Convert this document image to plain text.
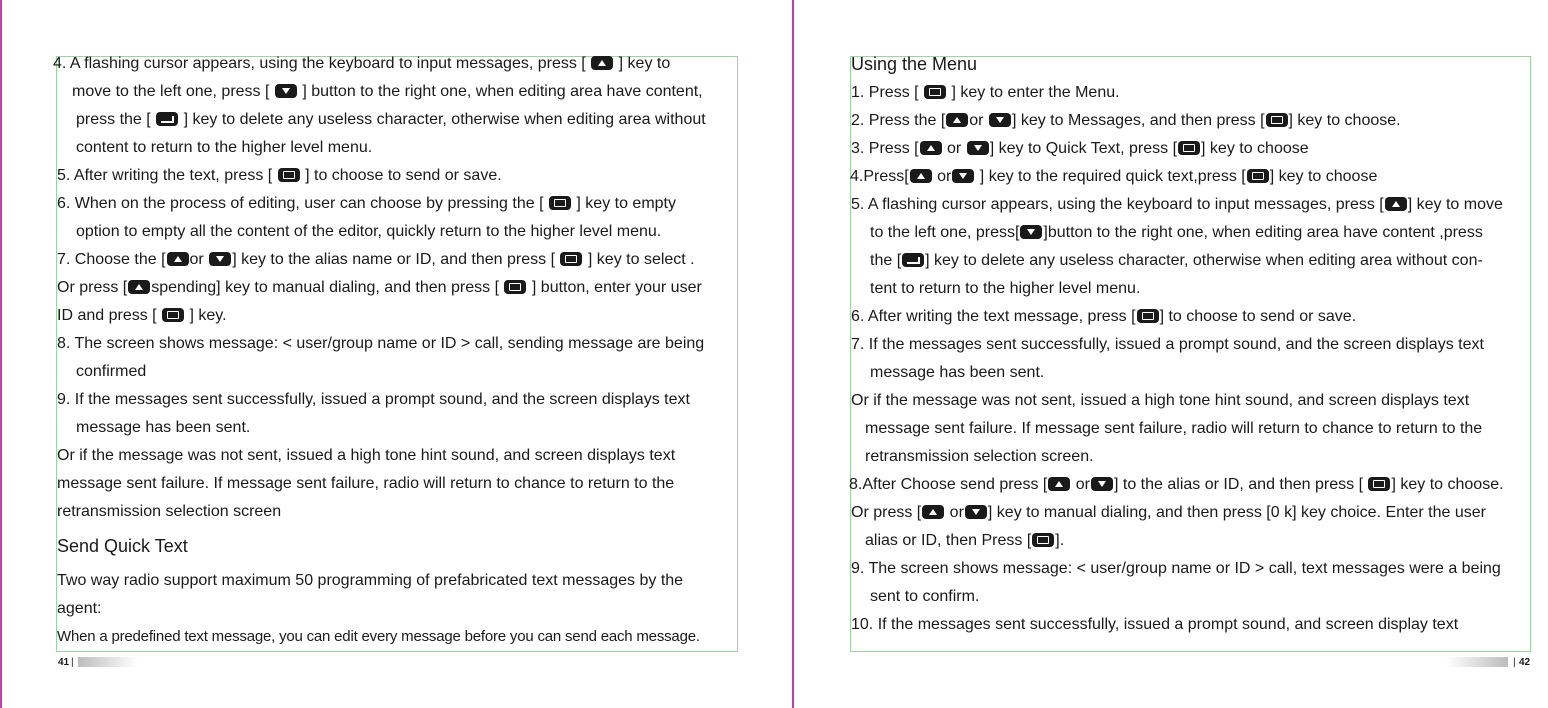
4. A flashing cursor appears, using the keyboard to input messages, press [  ] key to
move to the left one, press [  ] button to the right one, when editing area have content,
press the [  ] key to delete any useless character, otherwise when editing area without
content to return to the higher level menu.
5. After writing the text, press [  ] to choose to send or save.
6. When on the process of editing, user can choose by pressing the [  ] key to empty
option to empty all the content of the editor, quickly return to the higher level menu.
7. Choose the [ or ] key to the alias name or ID, and then press [  ] key to select .
Or press [ spending] key to manual dialing, and then press [  ] button, enter your user
ID and press [  ] key.
8. The screen shows message: < user/group name or ID > call, sending message are being
confirmed
9. If the messages sent successfully, issued a prompt sound, and the screen displays text
message has been sent.
Or if the message was not sent, issued a high tone hint sound, and screen displays text
message sent failure. If message sent failure, radio will return to chance to return to the
retransmission selection screen
Send Quick Text
Two way radio support maximum 50 programming of prefabricated text messages by the
agent:
When a predefined text message, you can edit every message before you can send each message.
Using the Menu
1. Press [  ] key to enter the Menu.
2. Press the [ or ] key to Messages, and then press [ ] key to choose.
3. Press [ or ] key to Quick Text, press [ ] key to choose
4.Press[ or ] key to the required quick text,press [ ] key to choose
5. A flashing cursor appears, using the keyboard to input messages, press [ ] key to move
to the left one, press[ ]button to the right one, when editing area have content ,press
the [ ] key to delete any useless character, otherwise when editing area without con-
tent to return to the higher level menu.
6. After writing the text message, press [ ] to choose to send or save.
7. If the messages sent successfully, issued a prompt sound, and the screen displays text
message has been sent.
Or if the message was not sent, issued a high tone hint sound, and screen displays text
message sent failure. If message sent failure, radio will return to chance to return to the
retransmission selection screen.
8.After Choose send press [ or ] to the alias or ID, and then press [ ] key to choose.
Or press [ or ] key to manual dialing, and then press [0 k] key choice. Enter the user
alias or ID, then Press [ ].
9. The screen shows message: < user/group name or ID > call, text messages were a being
sent to confirm.
10. If the messages sent successfully, issued a prompt sound, and screen display text
41 |	| 42
